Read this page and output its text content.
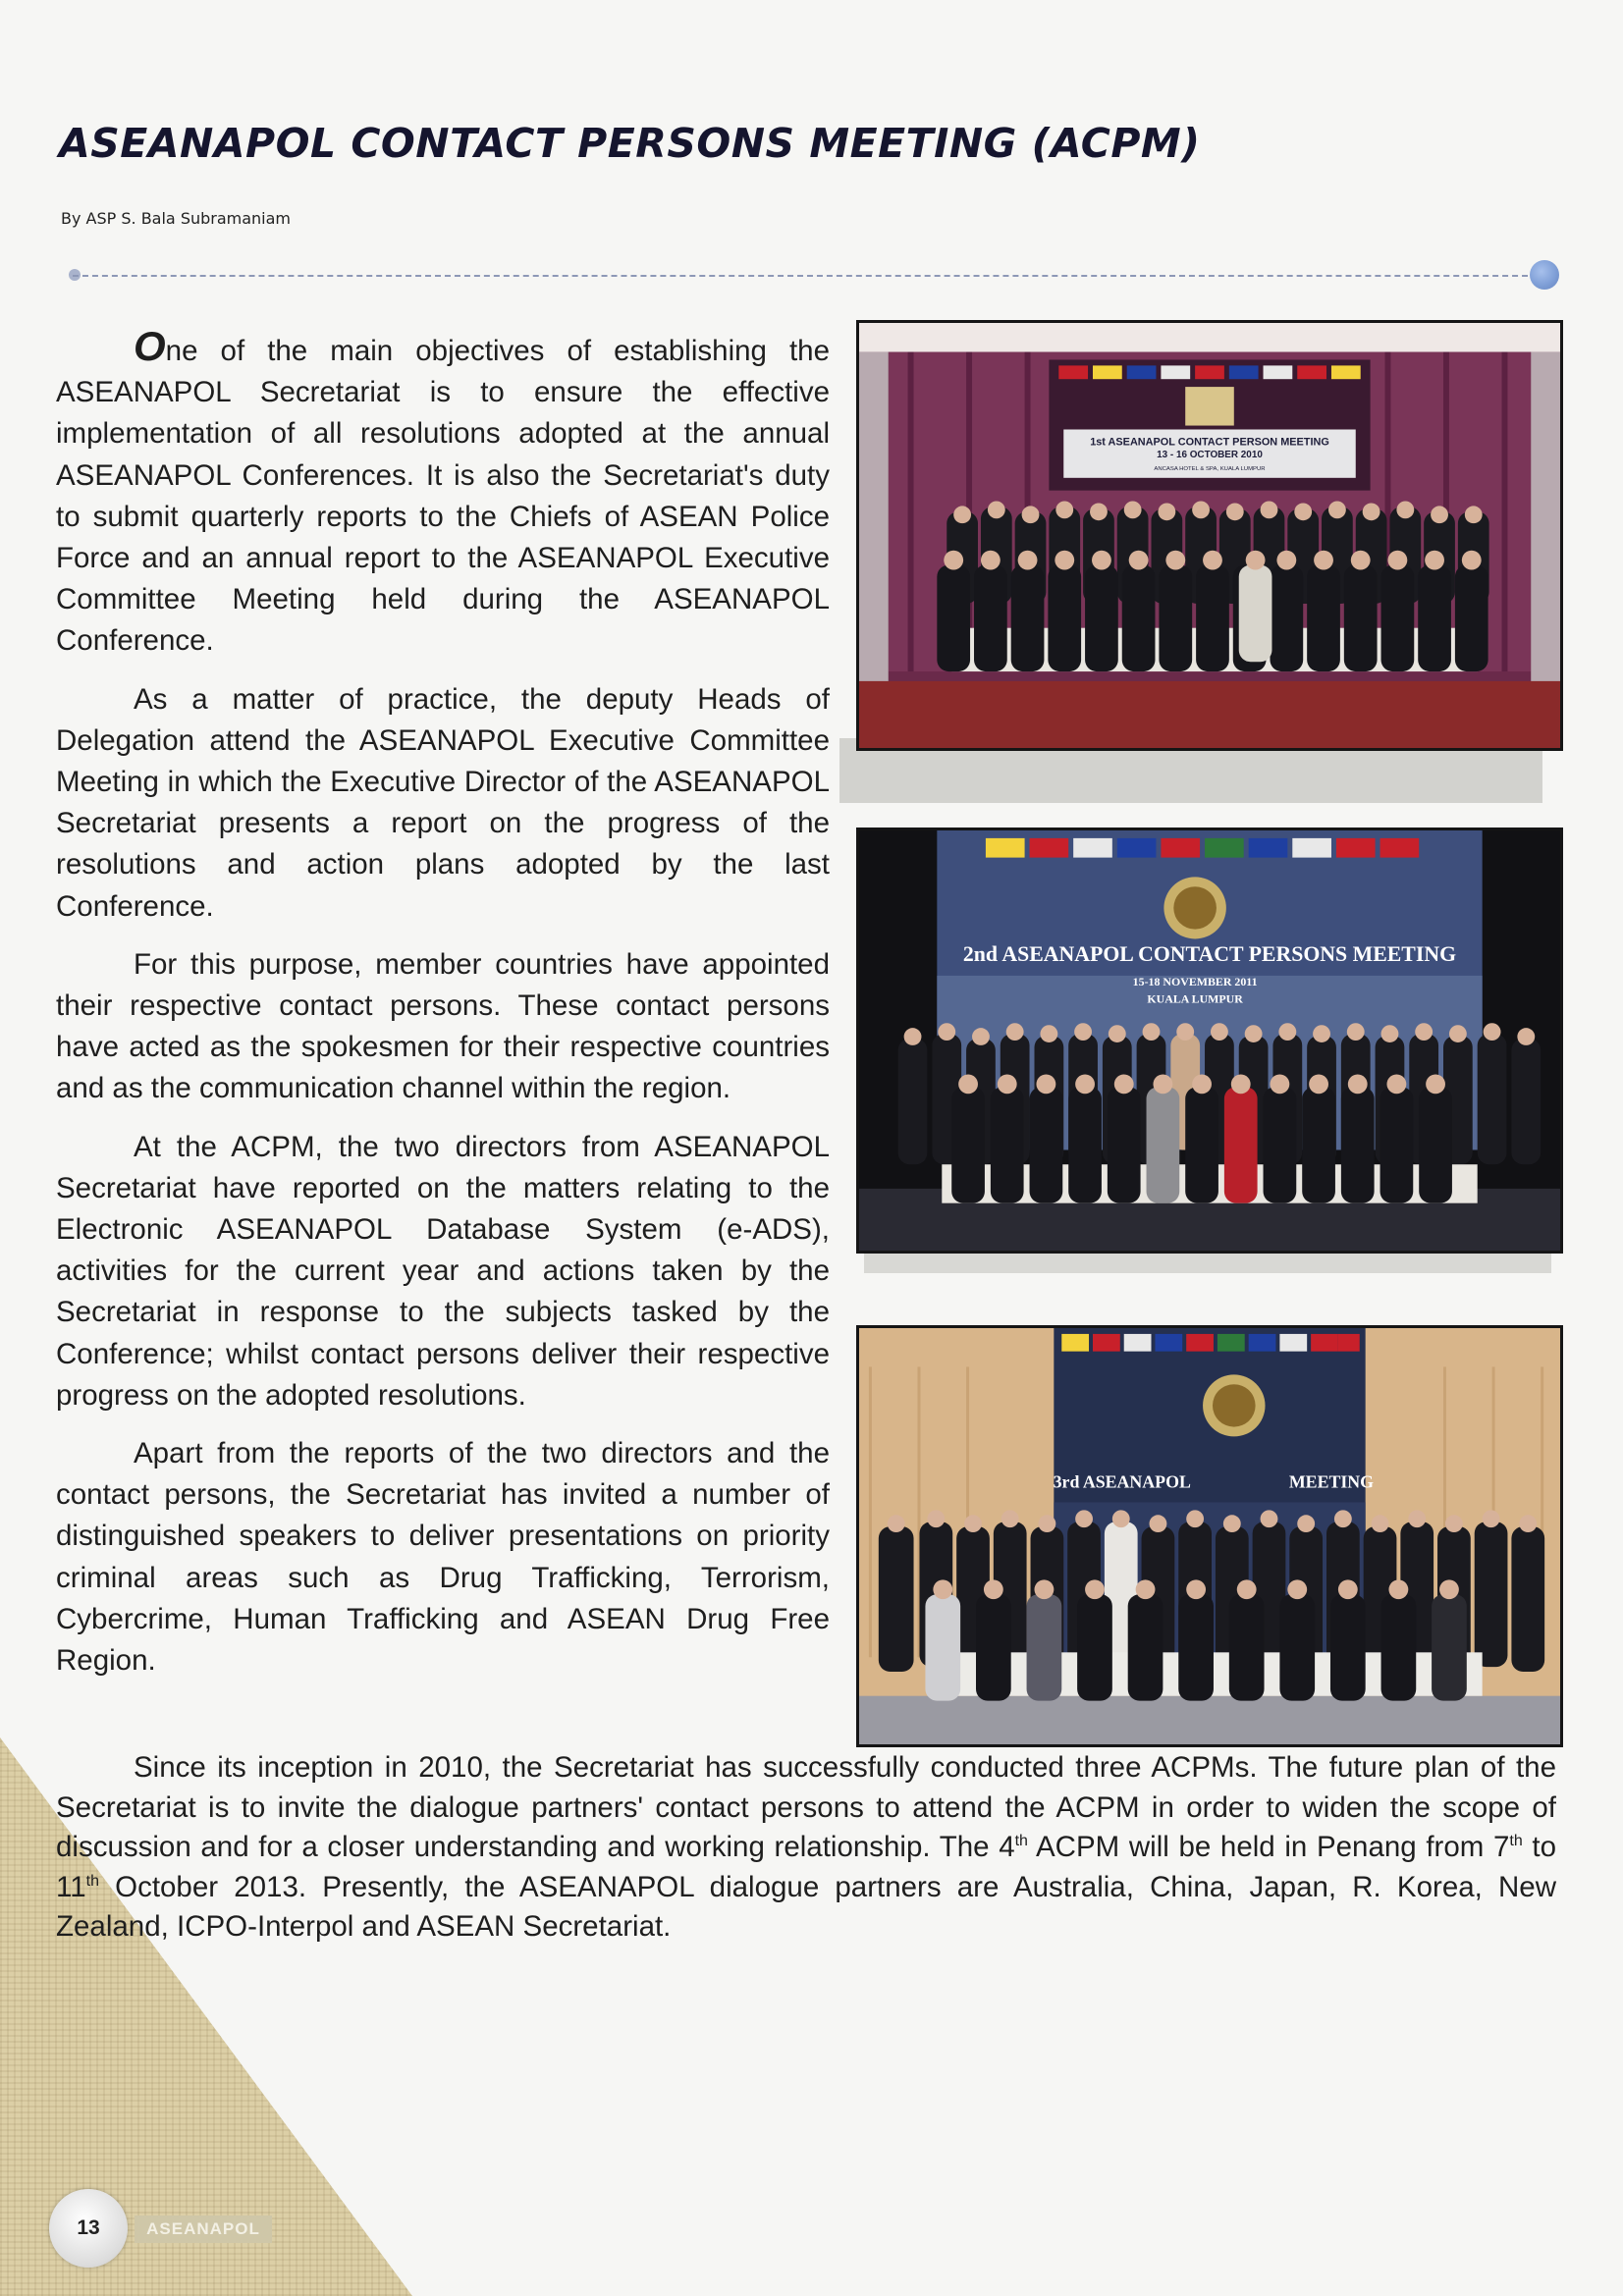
ASEANAPOL CONTACT PERSONS MEETING (ACPM)
By ASP S. Bala Subramaniam

One of the main objectives of establishing the ASEANAPOL Secretariat is to ensure the effective implementation of all resolutions adopted at the annual ASEANAPOL Conferences. It is also the Secretariat's duty to submit quarterly reports to the Chiefs of ASEAN Police Force and an annual report to the ASEANAPOL Executive Committee Meeting held during the ASEANAPOL Conference.

As a matter of practice, the deputy Heads of Delegation attend the ASEANAPOL Executive Committee Meeting in which the Executive Director of the ASEANAPOL Secretariat presents a report on the progress of the resolutions and action plans adopted by the last Conference.

For this purpose, member countries have appointed their respective contact persons. These contact persons have acted as the spokesmen for their respective countries and as the communication channel within the region.

At the ACPM, the two directors from ASEANAPOL Secretariat have reported on the matters relating to the Electronic ASEANAPOL Database System (e-ADS), activities for the current year and actions taken by the Secretariat in response to the subjects tasked by the Conference; whilst contact persons deliver their respective progress on the adopted resolutions.

Apart from the reports of the two directors and the contact persons, the Secretariat has invited a number of distinguished speakers to deliver presentations on priority criminal areas such as Drug Trafficking, Terrorism, Cybercrime, Human Trafficking and ASEAN Drug Free Region.

Since its inception in 2010, the Secretariat has successfully conducted three ACPMs. The future plan of the Secretariat is to invite the dialogue partners' contact persons to attend the ACPM in order to widen the scope of discussion and for a closer understanding and working relationship. The 4th ACPM will be held in Penang from 7th to 11th October 2013. Presently, the ASEANAPOL dialogue partners are Australia, China, Japan, R. Korea, New Zealand, ICPO-Interpol and ASEAN Secretariat.

1st ASEANAPOL CONTACT PERSON MEETING
13 - 16 OCTOBER 2010
ANCASA HOTEL & SPA, KUALA LUMPUR
2nd ASEANAPOL CONTACT PERSONS MEETING
15-18 NOVEMBER 2011
KUALA LUMPUR
3rd ASEANAPOL	MEETING
13	ASEANAPOL
